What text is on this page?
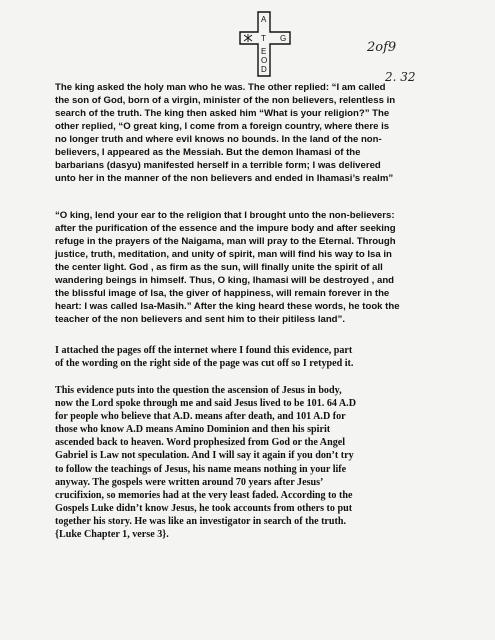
A
T G
E
O
D
2of9
2. 32

The king asked the holy man who he was. The other replied: “I am called
the son of God, born of a virgin, minister of the non believers, relentless in
search of the truth. The king then asked him “What is your religion?” The
other replied, “O great king, I come from a foreign country, where there is
no longer truth and where evil knows no bounds. In the land of the non-
believers, I appeared as the Messiah. But the demon Ihamasi of the
barbarians (dasyu) manifested herself in a terrible form; I was delivered
unto her in the manner of the non believers and ended in Ihamasi’s realm”

“O king, lend your ear to the religion that I brought unto the non-believers:
after the purification of the essence and the impure body and after seeking
refuge in the prayers of the Naigama, man will pray to the Eternal. Through
justice, truth, meditation, and unity of spirit, man will find his way to Isa in
the center light. God , as firm as the sun, will finally unite the spirit of all
wandering beings in himself. Thus, O king, Ihamasi will be destroyed , and
the blissful image of Isa, the giver of happiness, will remain forever in the
heart: I was called Isa-Masih.” After the king heard these words, he took the
teacher of the non believers and sent him to their pitiless land”.

I attached the pages off the internet where I found this evidence, part
of the wording on the right side of the page was cut off so I retyped it.

This evidence puts into the question the ascension of Jesus in body,
now the Lord spoke through me and said Jesus lived to be 101. 64 A.D
for people who believe that A.D. means after death, and 101 A.D for
those who know A.D means Amino Dominion and then his spirit
ascended back to heaven. Word prophesized from God or the Angel
Gabriel is Law not speculation. And I will say it again if you don’t try
to follow the teachings of Jesus, his name means nothing in your life
anyway. The gospels were written around 70 years after Jesus’
crucifixion, so memories had at the very least faded. According to the
Gospels Luke didn’t know Jesus, he took accounts from others to put
together his story. He was like an investigator in search of the truth.
{Luke Chapter 1, verse 3}.
